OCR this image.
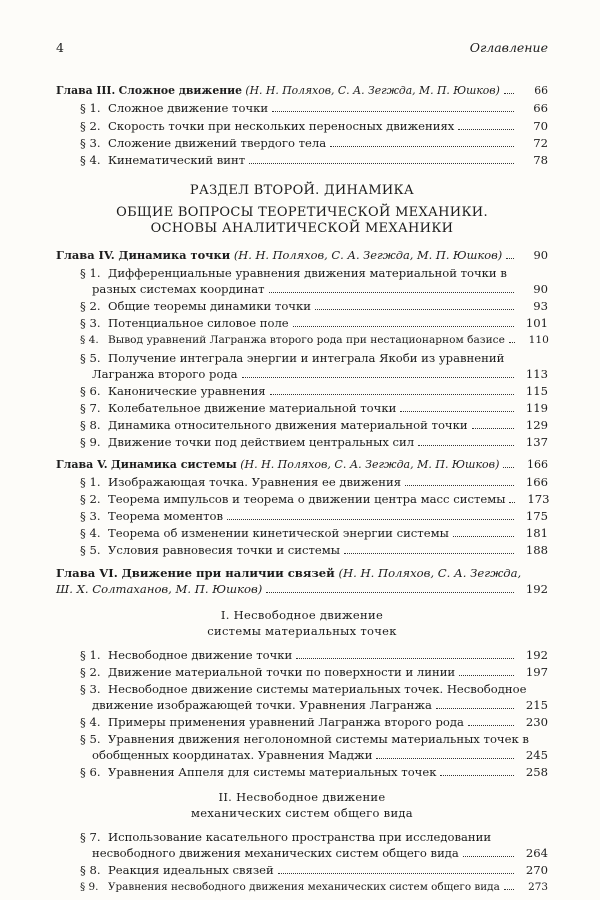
4	Оглавление
Глава III. Сложное движение (Н. Н. Поляхов, С. А. Зегжда, М. П. Юшков)	66
§ 1. Сложное движение точки	66
§ 2. Скорость точки при нескольких переносных движениях	70
§ 3. Сложение движений твердого тела	72
§ 4. Кинематический винт	78
РАЗДЕЛ ВТОРОЙ. ДИНАМИКА
ОБЩИЕ ВОПРОСЫ ТЕОРЕТИЧЕСКОЙ МЕХАНИКИ.
ОСНОВЫ АНАЛИТИЧЕСКОЙ МЕХАНИКИ
Глава IV. Динамика точки (Н. Н. Поляхов, С. А. Зегжда, М. П. Юшков)	90
§ 1. Дифференциальные уравнения движения материальной точки в
разных системах координат	90
§ 2. Общие теоремы динамики точки	93
§ 3. Потенциальное силовое поле	101
§ 4. Вывод уравнений Лагранжа второго рода при нестационарном базисе	110
§ 5. Получение интеграла энергии и интеграла Якоби из уравнений
Лагранжа второго рода	113
§ 6. Канонические уравнения	115
§ 7. Колебательное движение материальной точки	119
§ 8. Динамика относительного движения материальной точки	129
§ 9. Движение точки под действием центральных сил	137
Глава V. Динамика системы (Н. Н. Поляхов, С. А. Зегжда, М. П. Юшков)	166
§ 1. Изображающая точка. Уравнения ее движения	166
§ 2. Теорема импульсов и теорема о движении центра масс системы	173
§ 3. Теорема моментов	175
§ 4. Теорема об изменении кинетической энергии системы	181
§ 5. Условия равновесия точки и системы	188
Глава VI. Движение при наличии связей (Н. Н. Поляхов, С. А. Зегжда,
Ш. Х. Солтаханов, М. П. Юшков)	192
I. Несвободное движение
системы материальных точек
§ 1. Несвободное движение точки	192
§ 2. Движение материальной точки по поверхности и линии	197
§ 3. Несвободное движение системы материальных точек. Несвободное
движение изображающей точки. Уравнения Лагранжа	215
§ 4. Примеры применения уравнений Лагранжа второго рода	230
§ 5. Уравнения движения неголономной системы материальных точек в
обобщенных координатах. Уравнения Маджи	245
§ 6. Уравнения Аппеля для системы материальных точек	258
II. Несвободное движение
механических систем общего вида
§ 7. Использование касательного пространства при исследовании
несвободного движения механических систем общего вида	264
§ 8. Реакция идеальных связей	270
§ 9. Уравнения несвободного движения механических систем общего вида	273
